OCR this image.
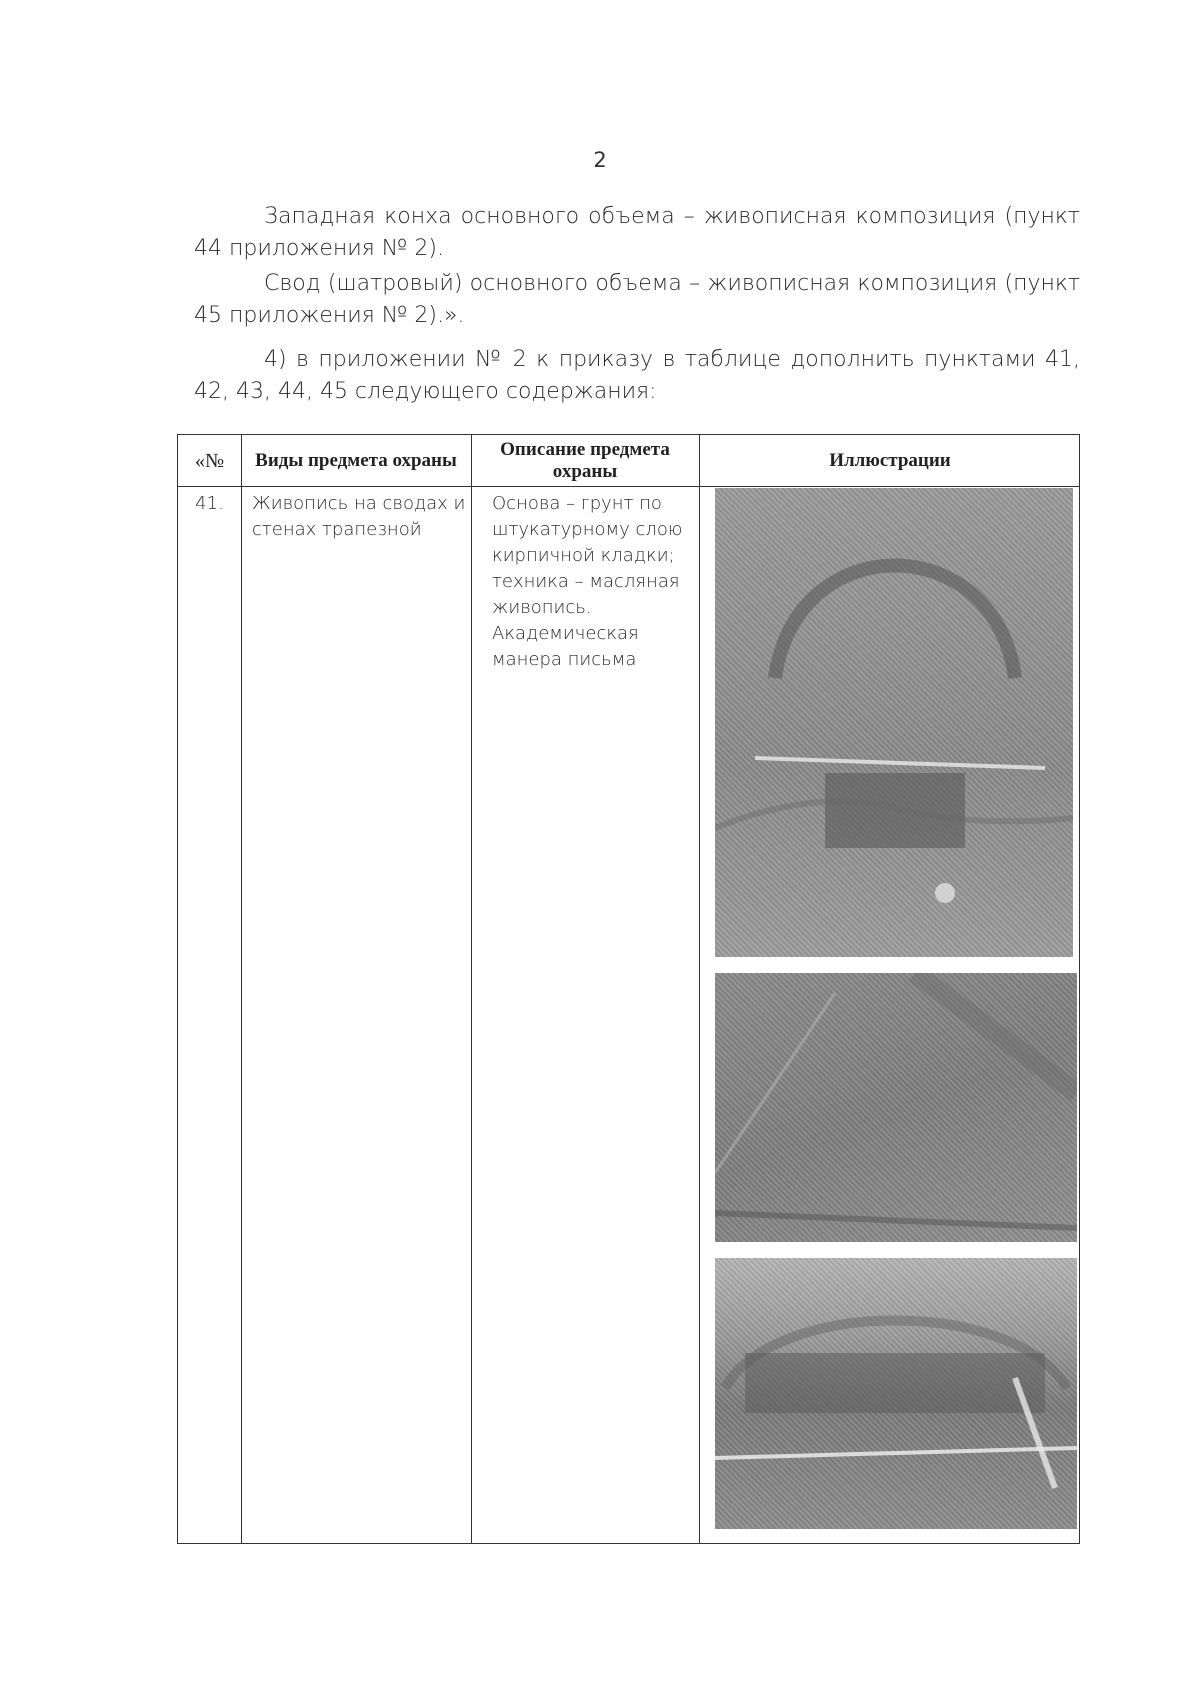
2
Западная конха основного объема – живописная композиция (пункт 44 приложения № 2).
Свод (шатровый) основного объема – живописная композиция (пункт 45 приложения № 2).».
4) в приложении № 2 к приказу в таблице дополнить пунктами 41, 42, 43, 44, 45 следующего содержания:
«№	Виды предмета охраны
Описание предмета охраны
Иллюстрации
41.	Живопись на сводах и стенах трапезной
Основа – грунт по штукатурному слою кирпичной кладки; техника – масляная живопись. Академическая манера письма
